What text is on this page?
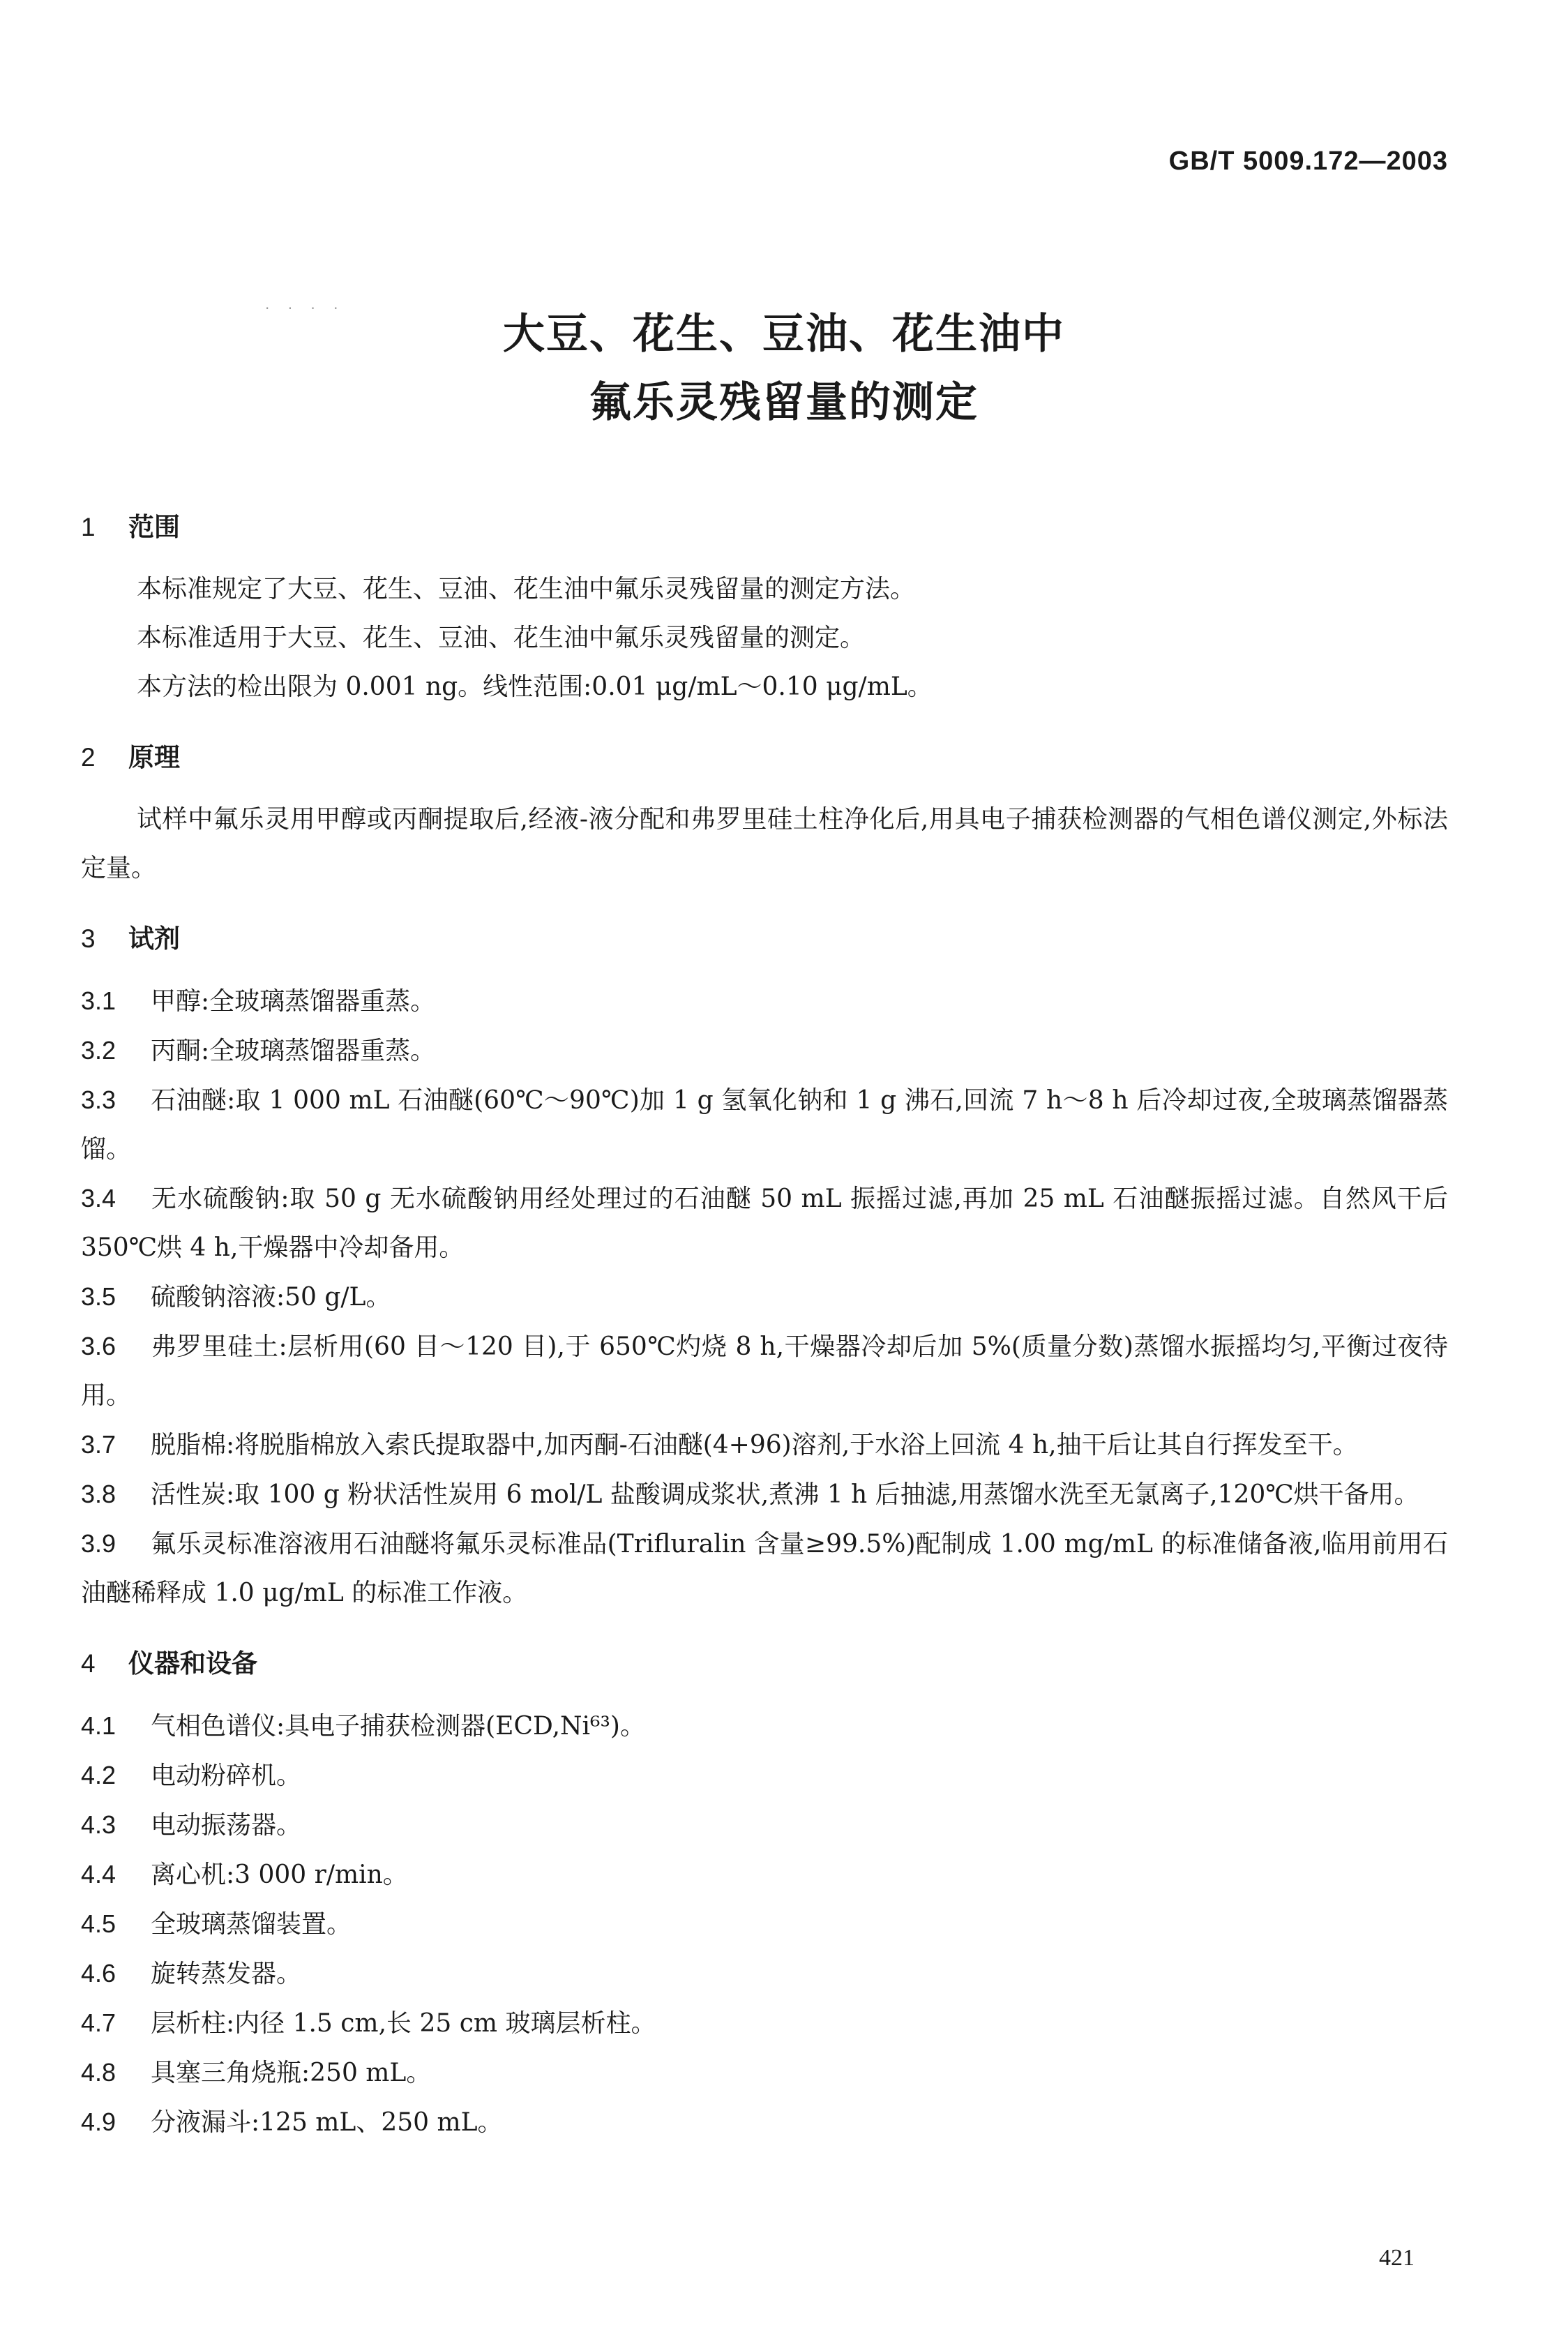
GB/T 5009.172—2003
· · · ·
大豆、花生、豆油、花生油中
氟乐灵残留量的测定
1 范围

本标准规定了大豆、花生、豆油、花生油中氟乐灵残留量的测定方法。

本标准适用于大豆、花生、豆油、花生油中氟乐灵残留量的测定。

本方法的检出限为 0.001 ng。线性范围:0.01 μg/mL～0.10 μg/mL。

2 原理

试样中氟乐灵用甲醇或丙酮提取后,经液-液分配和弗罗里硅土柱净化后,用具电子捕获检测器的气相色谱仪测定,外标法定量。

3 试剂

3.1 甲醇:全玻璃蒸馏器重蒸。

3.2 丙酮:全玻璃蒸馏器重蒸。

3.3 石油醚:取 1 000 mL 石油醚(60℃～90℃)加 1 g 氢氧化钠和 1 g 沸石,回流 7 h～8 h 后冷却过夜,全玻璃蒸馏器蒸馏。

3.4 无水硫酸钠:取 50 g 无水硫酸钠用经处理过的石油醚 50 mL 振摇过滤,再加 25 mL 石油醚振摇过滤。自然风干后 350℃烘 4 h,干燥器中冷却备用。

3.5 硫酸钠溶液:50 g/L。

3.6 弗罗里硅土:层析用(60 目～120 目),于 650℃灼烧 8 h,干燥器冷却后加 5%(质量分数)蒸馏水振摇均匀,平衡过夜待用。

3.7 脱脂棉:将脱脂棉放入索氏提取器中,加丙酮-石油醚(4+96)溶剂,于水浴上回流 4 h,抽干后让其自行挥发至干。

3.8 活性炭:取 100 g 粉状活性炭用 6 mol/L 盐酸调成浆状,煮沸 1 h 后抽滤,用蒸馏水洗至无氯离子,120℃烘干备用。

3.9 氟乐灵标准溶液用石油醚将氟乐灵标准品(Trifluralin 含量≥99.5%)配制成 1.00 mg/mL 的标准储备液,临用前用石油醚稀释成 1.0 μg/mL 的标准工作液。

4 仪器和设备

4.1 气相色谱仪:具电子捕获检测器(ECD,Ni⁶³)。

4.2 电动粉碎机。

4.3 电动振荡器。

4.4 离心机:3 000 r/min。

4.5 全玻璃蒸馏装置。

4.6 旋转蒸发器。

4.7 层析柱:内径 1.5 cm,长 25 cm 玻璃层析柱。

4.8 具塞三角烧瓶:250 mL。

4.9 分液漏斗:125 mL、250 mL。

421
